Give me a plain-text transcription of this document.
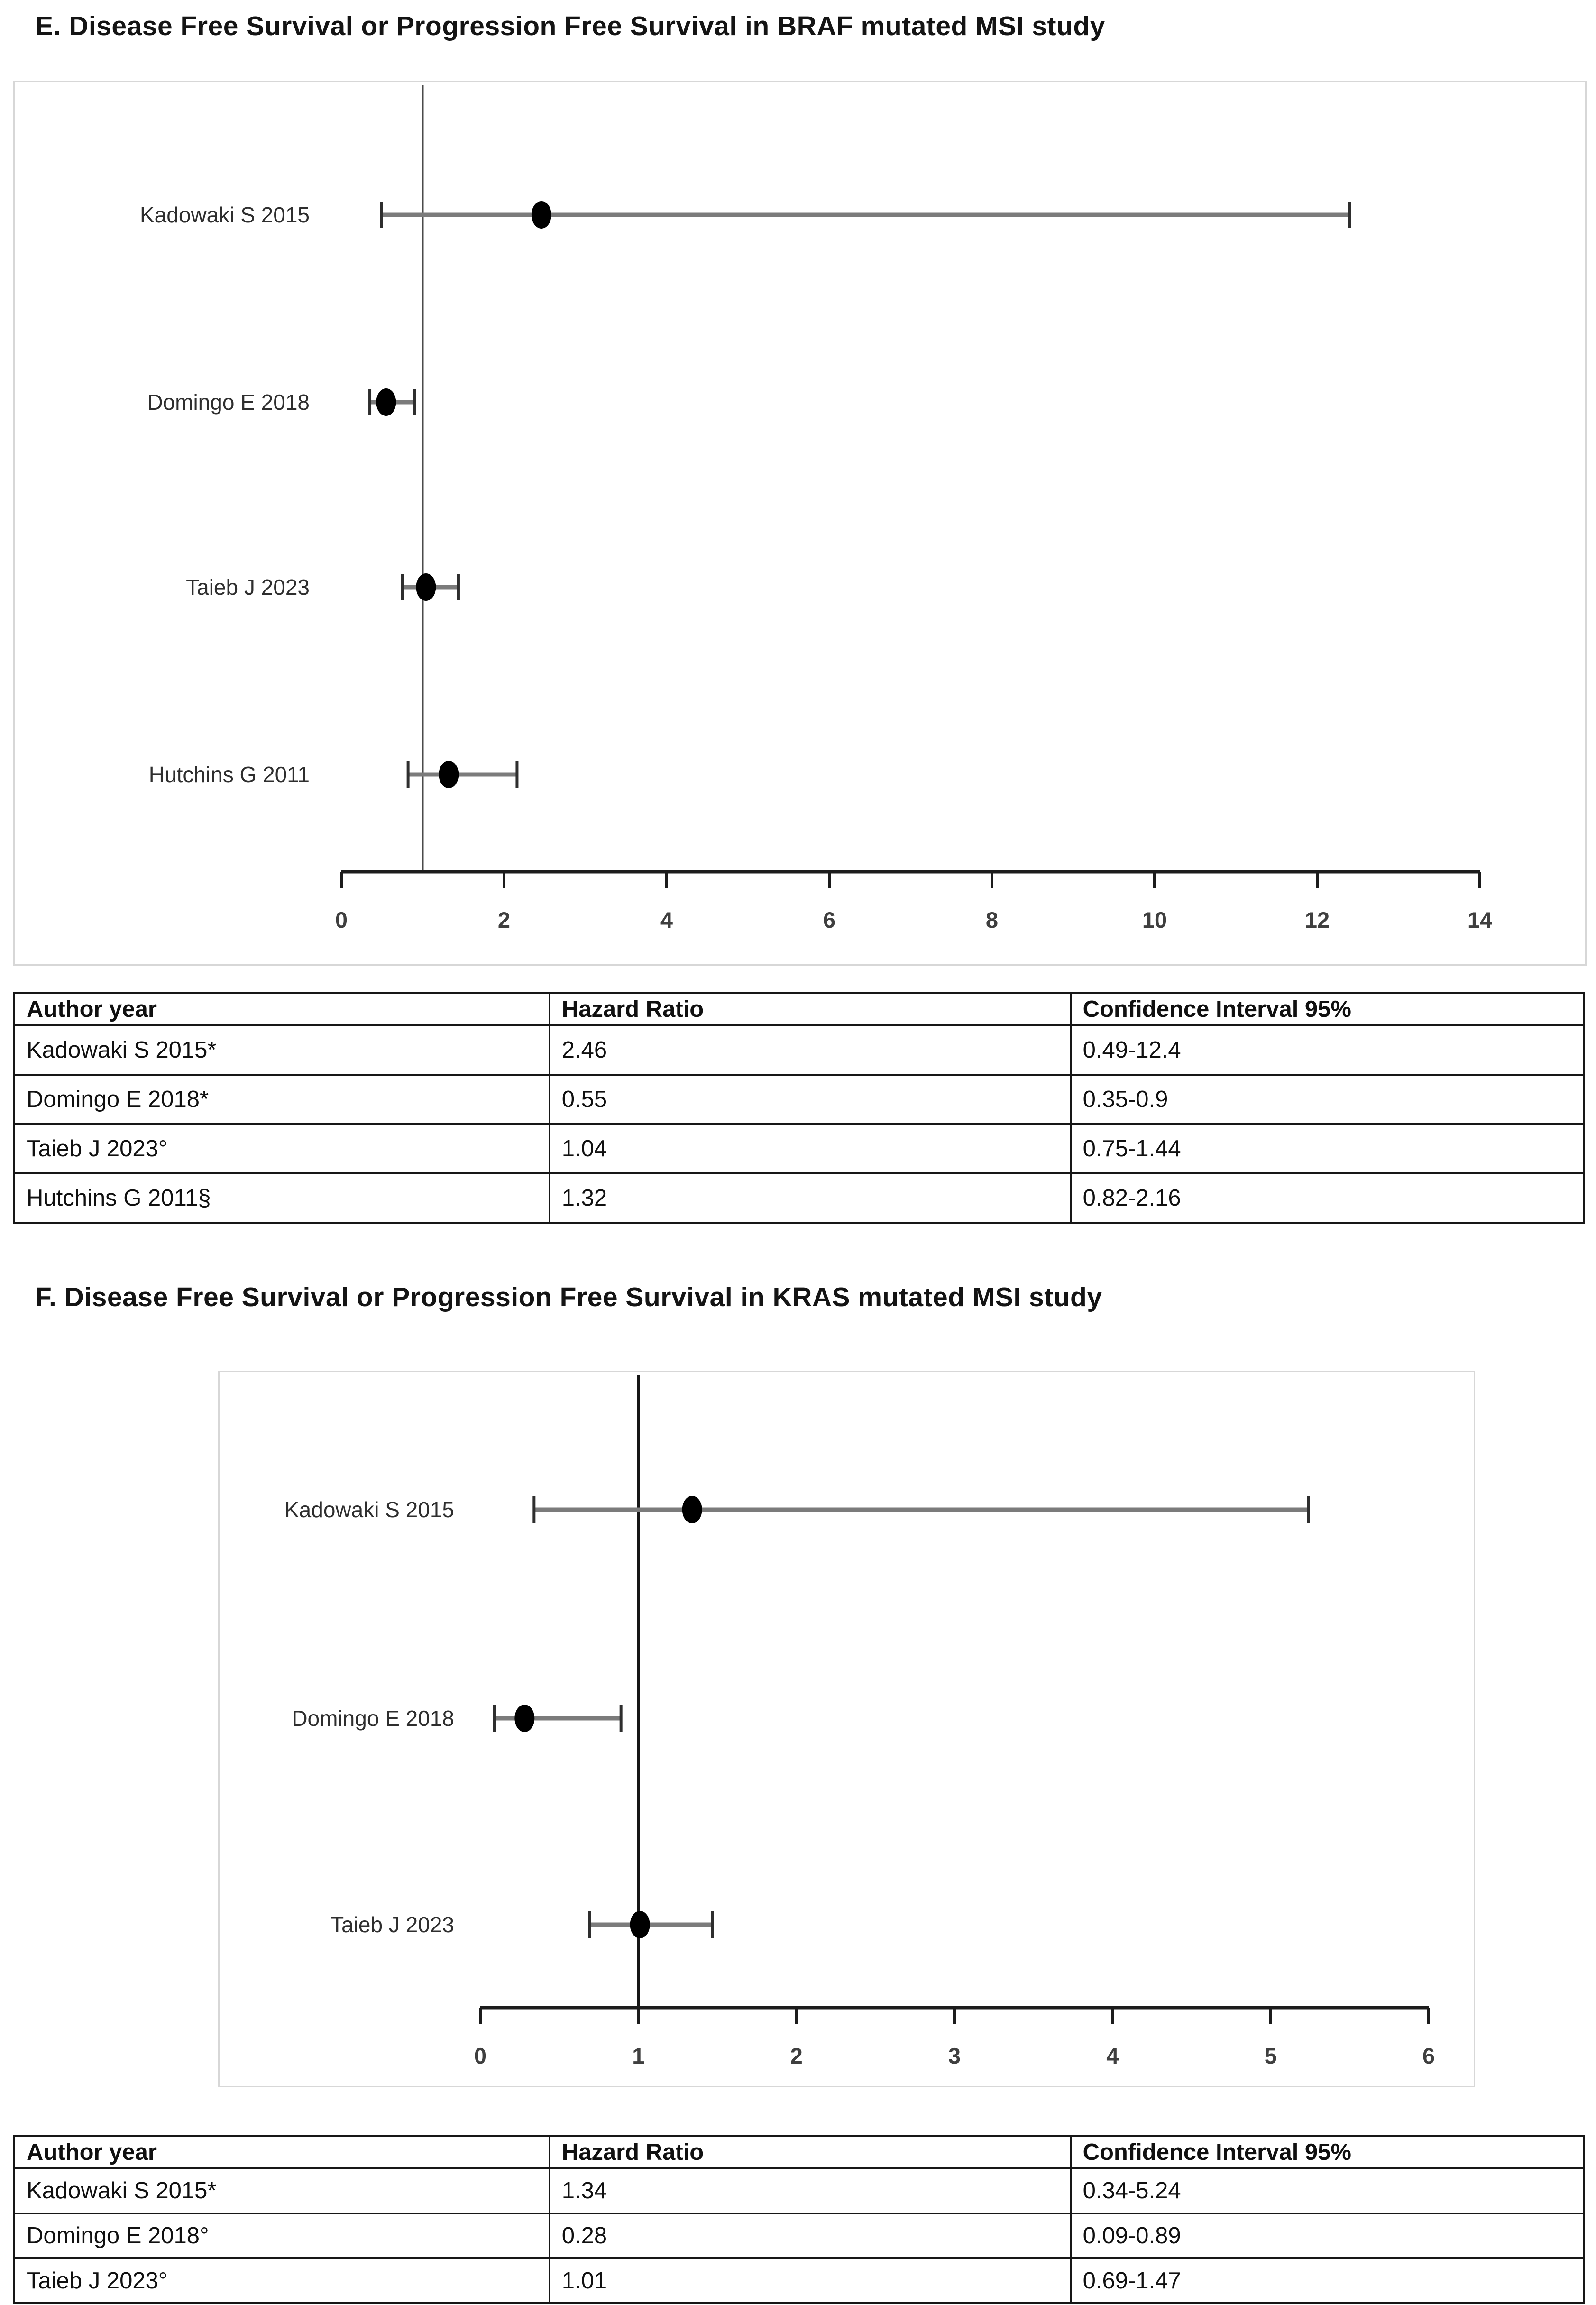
E. Disease Free Survival or Progression Free Survival in BRAF mutated MSI study
0	2	4	6	8	10	12	14
Kadowaki S 2015
Domingo E 2018
Taieb J 2023
Hutchins G 2011
Author year	Hazard Ratio	Confidence Interval 95%
Kadowaki S 2015*	2.46	0.49-12.4
Domingo E 2018*	0.55	0.35-0.9
Taieb J 2023°	1.04	0.75-1.44
Hutchins G 2011§	1.32	0.82-2.16
F. Disease Free Survival or Progression Free Survival in KRAS mutated MSI study
0	1	2	3	4	5	6
Kadowaki S 2015
Domingo E 2018
Taieb J 2023
Author year	Hazard Ratio	Confidence Interval 95%
Kadowaki S 2015*	1.34	0.34-5.24
Domingo E 2018°	0.28	0.09-0.89
Taieb J 2023°	1.01	0.69-1.47
